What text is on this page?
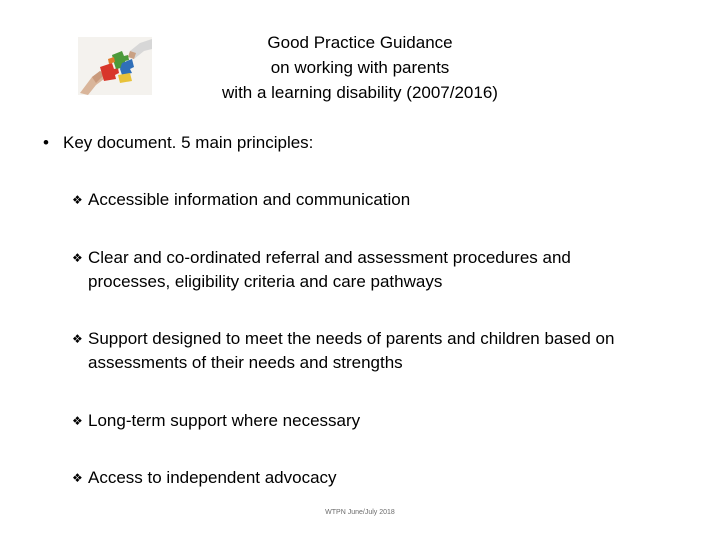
Good Practice Guidance
on working with parents
with a learning disability (2007/2016)
• Key document. 5 main principles:
❖ Accessible information and communication
❖ Clear and co-ordinated referral and assessment procedures and
processes, eligibility criteria and care pathways
❖ Support designed to meet the needs of parents and children based on
assessments of their needs and strengths
❖ Long-term support where necessary
❖ Access to independent advocacy
WTPN June/July 2018
